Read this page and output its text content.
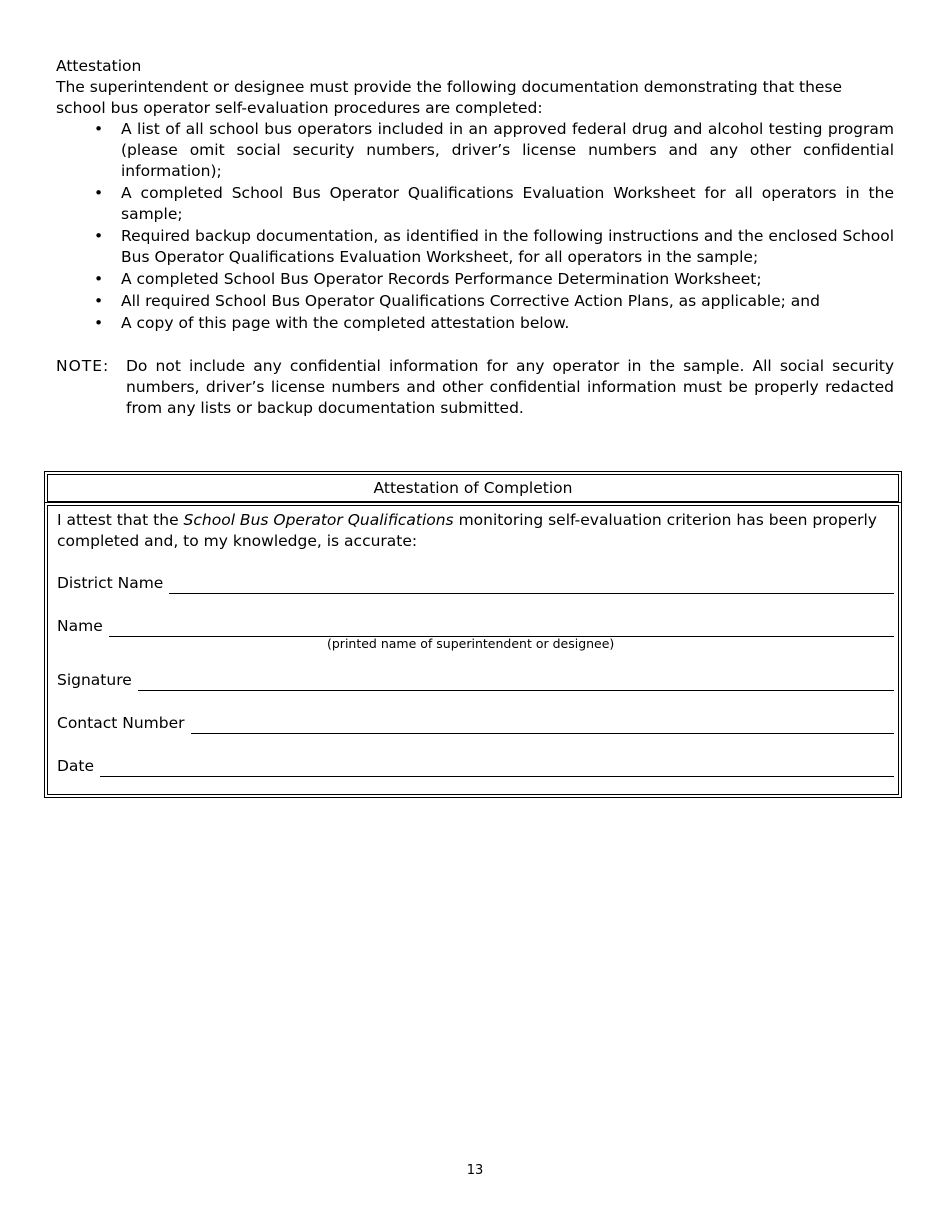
Attestation

The superintendent or designee must provide the following documentation demonstrating that these school bus operator self-evaluation procedures are completed:

• A list of all school bus operators included in an approved federal drug and alcohol testing program (please omit social security numbers, driver’s license numbers and any other confidential information);
• A completed School Bus Operator Qualifications Evaluation Worksheet for all operators in the sample;
• Required backup documentation, as identified in the following instructions and the enclosed School Bus Operator Qualifications Evaluation Worksheet, for all operators in the sample;
• A completed School Bus Operator Records Performance Determination Worksheet;
• All required School Bus Operator Qualifications Corrective Action Plans, as applicable; and
• A copy of this page with the completed attestation below.
NOTE:	Do not include any confidential information for any operator in the sample. All social security numbers, driver’s license numbers and other confidential information must be properly redacted from any lists or backup documentation submitted.
Attestation of Completion

I attest that the School Bus Operator Qualifications monitoring self-evaluation criterion has been properly completed and, to my knowledge, is accurate:

District Name
Name
(printed name of superintendent or designee)
Signature
Contact Number
Date
13
